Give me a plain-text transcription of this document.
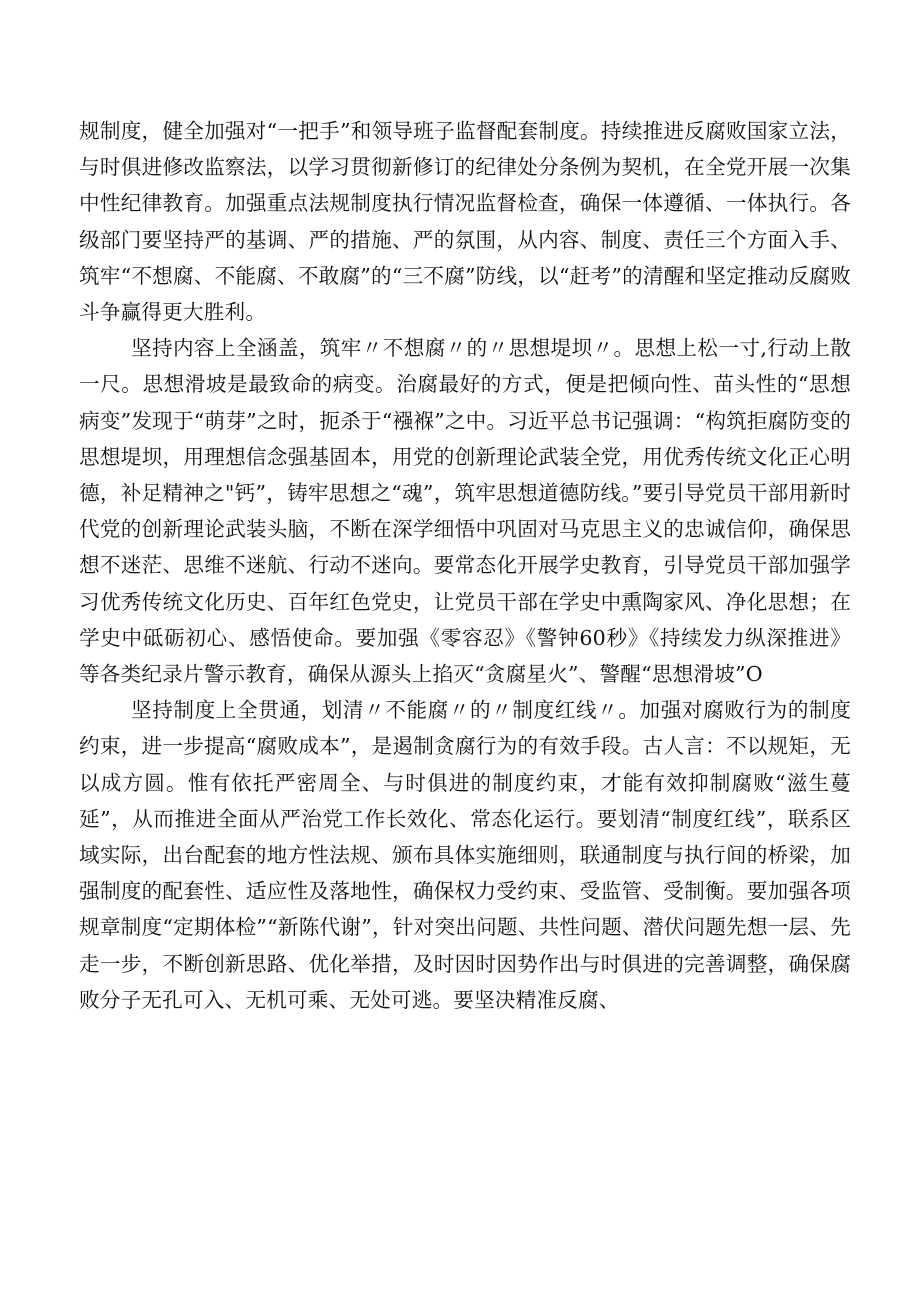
规制度，健全加强对“一把手”和领导班子监督配套制度。持续推进反腐败国家立法，与时俱进修改监察法，以学习贯彻新修订的纪律处分条例为契机，在全党开展一次集中性纪律教育。加强重点法规制度执行情况监督检查，确保一体遵循、一体执行。各级部门要坚持严的基调、严的措施、严的氛围，从内容、制度、责任三个方面入手、筑牢“不想腐、不能腐、不敢腐”的“三不腐”防线，以“赶考”的清醒和坚定推动反腐败斗争赢得更大胜利。

坚持内容上全涵盖，筑牢〃不想腐〃的〃思想堤坝〃。思想上松一寸,行动上散一尺。思想滑坡是最致命的病变。治腐最好的方式，便是把倾向性、苗头性的“思想病变”发现于“萌芽”之时，扼杀于“襁褓”之中。习近平总书记强调：“构筑拒腐防变的思想堤坝，用理想信念强基固本，用党的创新理论武装全党，用优秀传统文化正心明德，补足精神之"钙”，铸牢思想之“魂”，筑牢思想道德防线。”要引导党员干部用新时代党的创新理论武装头脑，不断在深学细悟中巩固对马克思主义的忠诚信仰，确保思想不迷茫、思维不迷航、行动不迷向。要常态化开展学史教育，引导党员干部加强学习优秀传统文化历史、百年红色党史，让党员干部在学史中熏陶家风、净化思想；在学史中砥砺初心、感悟使命。要加强《零容忍》《警钟60秒》《持续发力纵深推进》等各类纪录片警示教育，确保从源头上掐灭“贪腐星火”、警醒“思想滑坡”O

坚持制度上全贯通，划清〃不能腐〃的〃制度红线〃。加强对腐败行为的制度约束，进一步提高“腐败成本”，是遏制贪腐行为的有效手段。古人言：不以规矩，无以成方圆。惟有依托严密周全、与时俱进的制度约束，才能有效抑制腐败“滋生蔓延”，从而推进全面从严治党工作长效化、常态化运行。要划清“制度红线”，联系区域实际，出台配套的地方性法规、颁布具体实施细则，联通制度与执行间的桥梁，加强制度的配套性、适应性及落地性，确保权力受约束、受监管、受制衡。要加强各项规章制度“定期体检”“新陈代谢”，针对突出问题、共性问题、潜伏问题先想一层、先走一步，不断创新思路、优化举措，及时因时因势作出与时俱进的完善调整，确保腐败分子无孔可入、无机可乘、无处可逃。要坚决精准反腐、
